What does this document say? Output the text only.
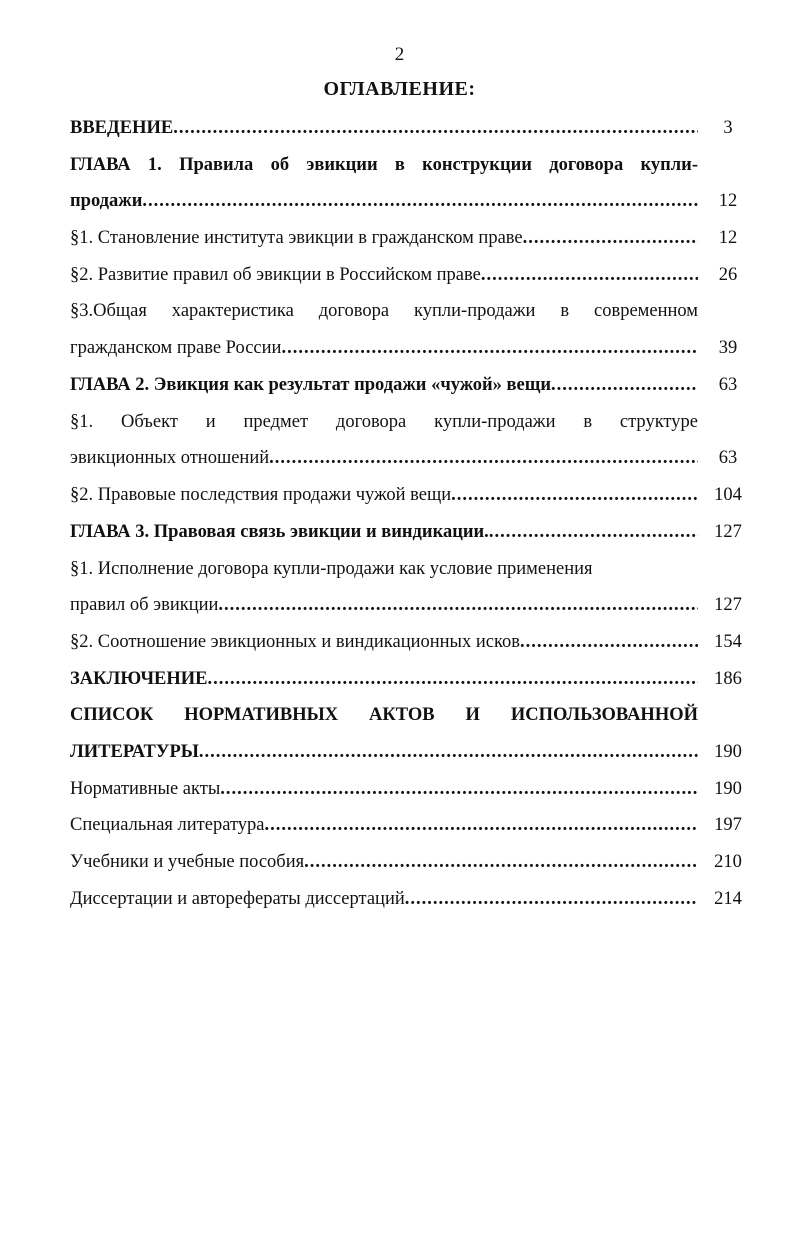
2
ОГЛАВЛЕНИЕ:
ВВЕДЕНИЕ .....	3
ГЛАВА 1. Правила об эвикции в конструкции договора купли-
продажи .....	12
§1. Становление института эвикции в гражданском праве .....	12
§2. Развитие правил об эвикции в Российском праве .....	26
§3.Общая характеристика договора купли-продажи в современном
гражданском праве России .....	39
ГЛАВА 2. Эвикция как результат продажи «чужой» вещи .....	63
§1. Объект и предмет договора купли-продажи в структуре
эвикционных отношений .....	63
§2. Правовые последствия продажи чужой вещи .....	104
ГЛАВА 3. Правовая связь эвикции и виндикации. .....	127
§1. Исполнение договора купли-продажи как условие применения
правил об эвикции .....	127
§2. Соотношение эвикционных и виндикационных исков .....	154
ЗАКЛЮЧЕНИЕ .....	186
СПИСОК НОРМАТИВНЫХ АКТОВ И ИСПОЛЬЗОВАННОЙ
ЛИТЕРАТУРЫ .....	190
Нормативные акты .....	190
Специальная литература .....	197
Учебники и учебные пособия .....	210
Диссертации и авторефераты диссертаций .....	214
